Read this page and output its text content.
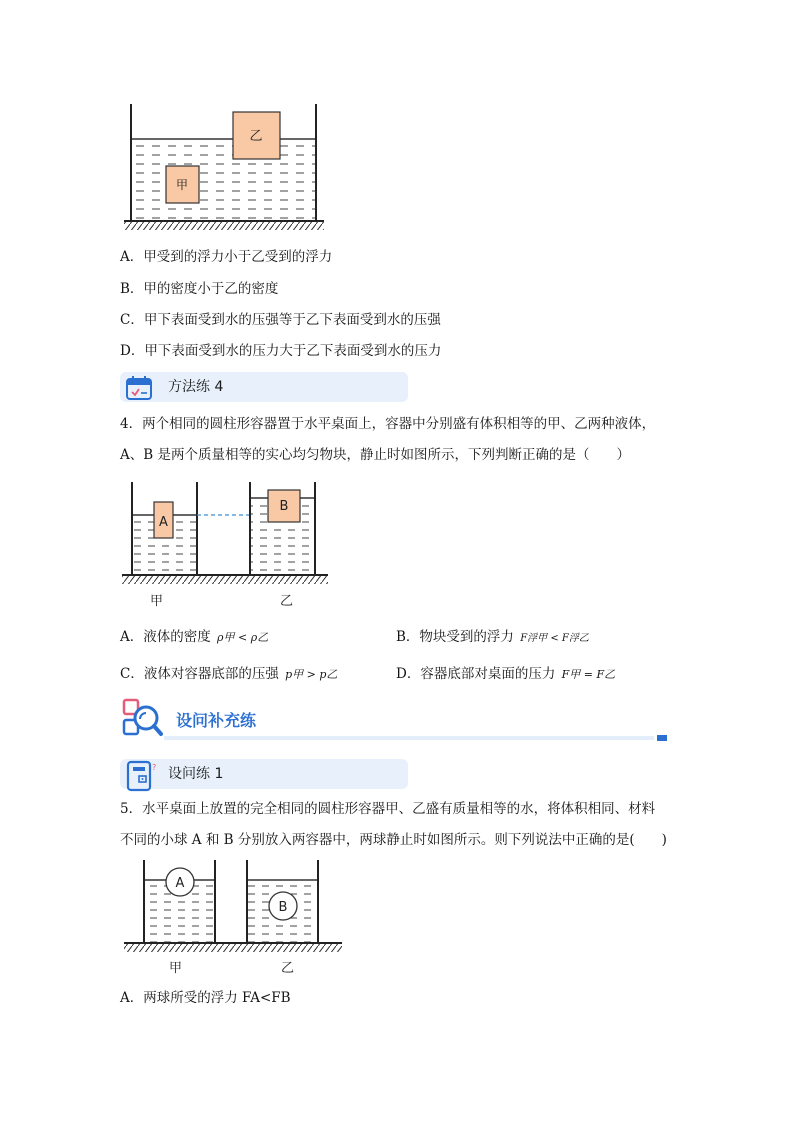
乙
甲
A．甲受到的浮力小于乙受到的浮力
B．甲的密度小于乙的密度
C．甲下表面受到水的压强等于乙下表面受到水的压强
D．甲下表面受到水的压力大于乙下表面受到水的压力
方法练 4
4．两个相同的圆柱形容器置于水平桌面上，容器中分别盛有体积相等的甲、乙两种液体，
A、B 是两个质量相等的实心均匀物块，静止时如图所示，下列判断正确的是（　　）
A
B
甲	乙
A．液体的密度 ρ甲 < ρ乙	B．物块受到的浮力 F浮甲 < F浮乙
C．液体对容器底部的压强 p甲 > p乙	D．容器底部对桌面的压力 F甲 = F乙
设问补充练
? 设问练 1
5．水平桌面上放置的完全相同的圆柱形容器甲、乙盛有质量相等的水，将体积相同、材料
不同的小球 A 和 B 分别放入两容器中，两球静止时如图所示。则下列说法中正确的是(　　)
A
B
甲	乙
A．两球所受的浮力 FA<FB
